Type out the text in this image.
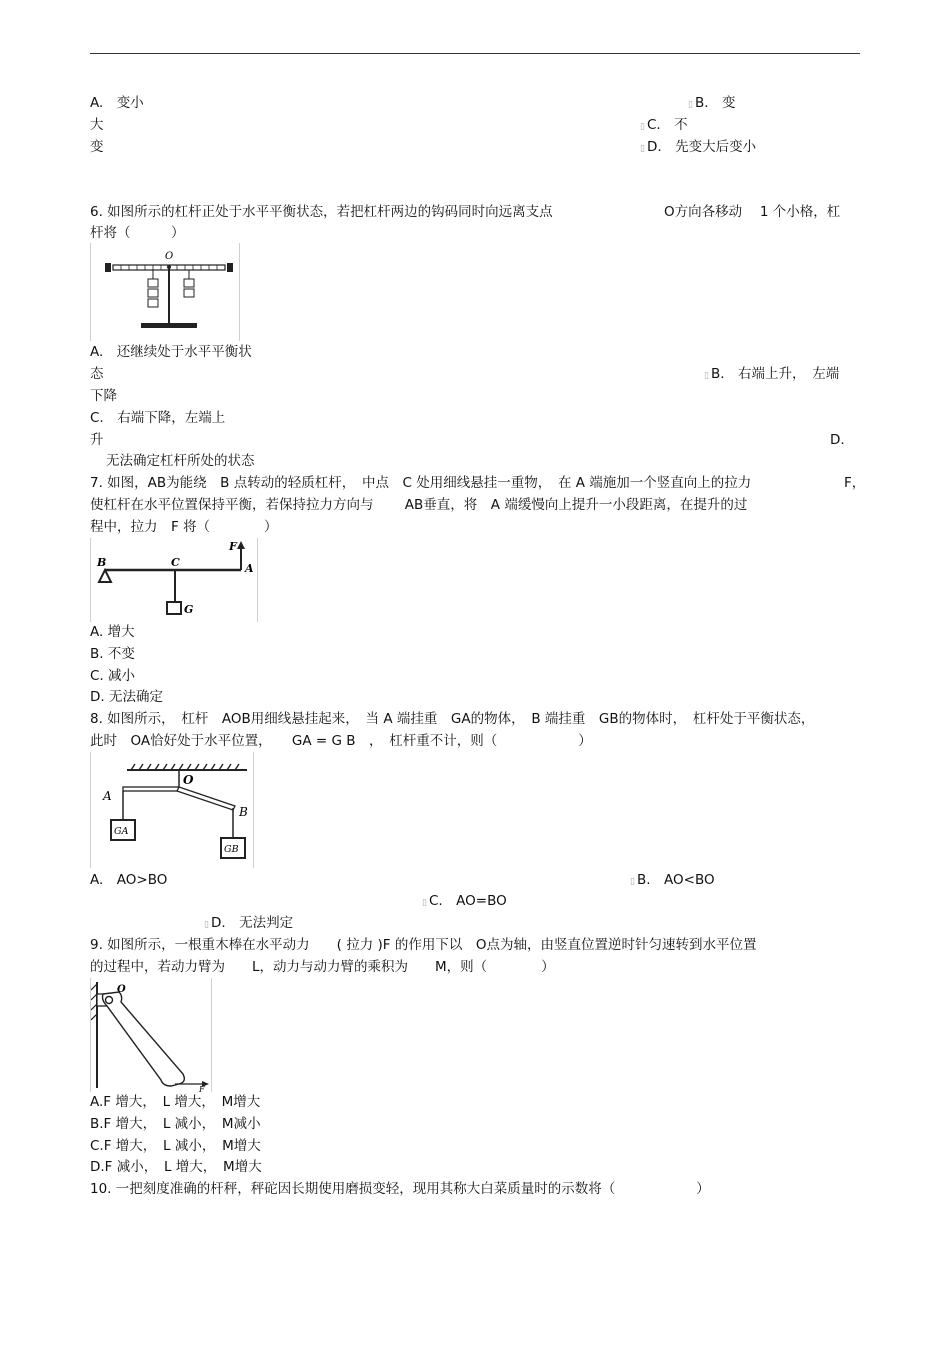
A.　变小	▯ B.　变
大	▯ C.　不
变	▯ D.　先变大后变小
6. 如图所示的杠杆正处于水平平衡状态，若把杠杆两边的钩码同时向远离支点	O方向各移动　 1 个小格，杠
杆将（　　　）
O
A.　还继续处于水平平衡状
态	▯ B.　右端上升，　左端
下降
C.　右端下降，左端上
升	D.
无法确定杠杆所处的状态
7. 如图，AB为能绕　B 点转动的轻质杠杆，　中点　C 处用细线悬挂一重物，　在 A 端施加一个竖直向上的拉力	F，
使杠杆在水平位置保持平衡，若保持拉力方向与　　 AB垂直，将　A 端缓慢向上提升一小段距离，在提升的过
程中，拉力　F 将（　　　　）
B	C
F
A
G
A. 增大
B. 不变
C. 减小
D. 无法确定
8. 如图所示，　杠杆　AOB用细线悬挂起来，　当 A 端挂重　GA的物体，　B 端挂重　GB的物体时，　杠杆处于平衡状态，
此时　OA恰好处于水平位置，　　GA = G B　，　杠杆重不计，则（　　　　　　）
O
A
B
GA
GB
A.　AO>BO	▯ B.　AO<BO
▯ C.　AO=BO
▯ D.　无法判定
9. 如图所示，一根重木棒在水平动力　　( 拉力 )F 的作用下以　O点为轴，由竖直位置逆时针匀速转到水平位置
的过程中，若动力臂为　　L，动力与动力臂的乘积为　　M，则（　　　　）
O
F
A.F 增大，　L 增大，　M增大
B.F 增大，　L 减小，　M减小
C.F 增大，　L 减小，　M增大
D.F 减小，　L 增大，　M增大
10. 一把刻度准确的杆秤，秤砣因长期使用磨损变轻，现用其称大白菜质量时的示数将（　　　　　　）
